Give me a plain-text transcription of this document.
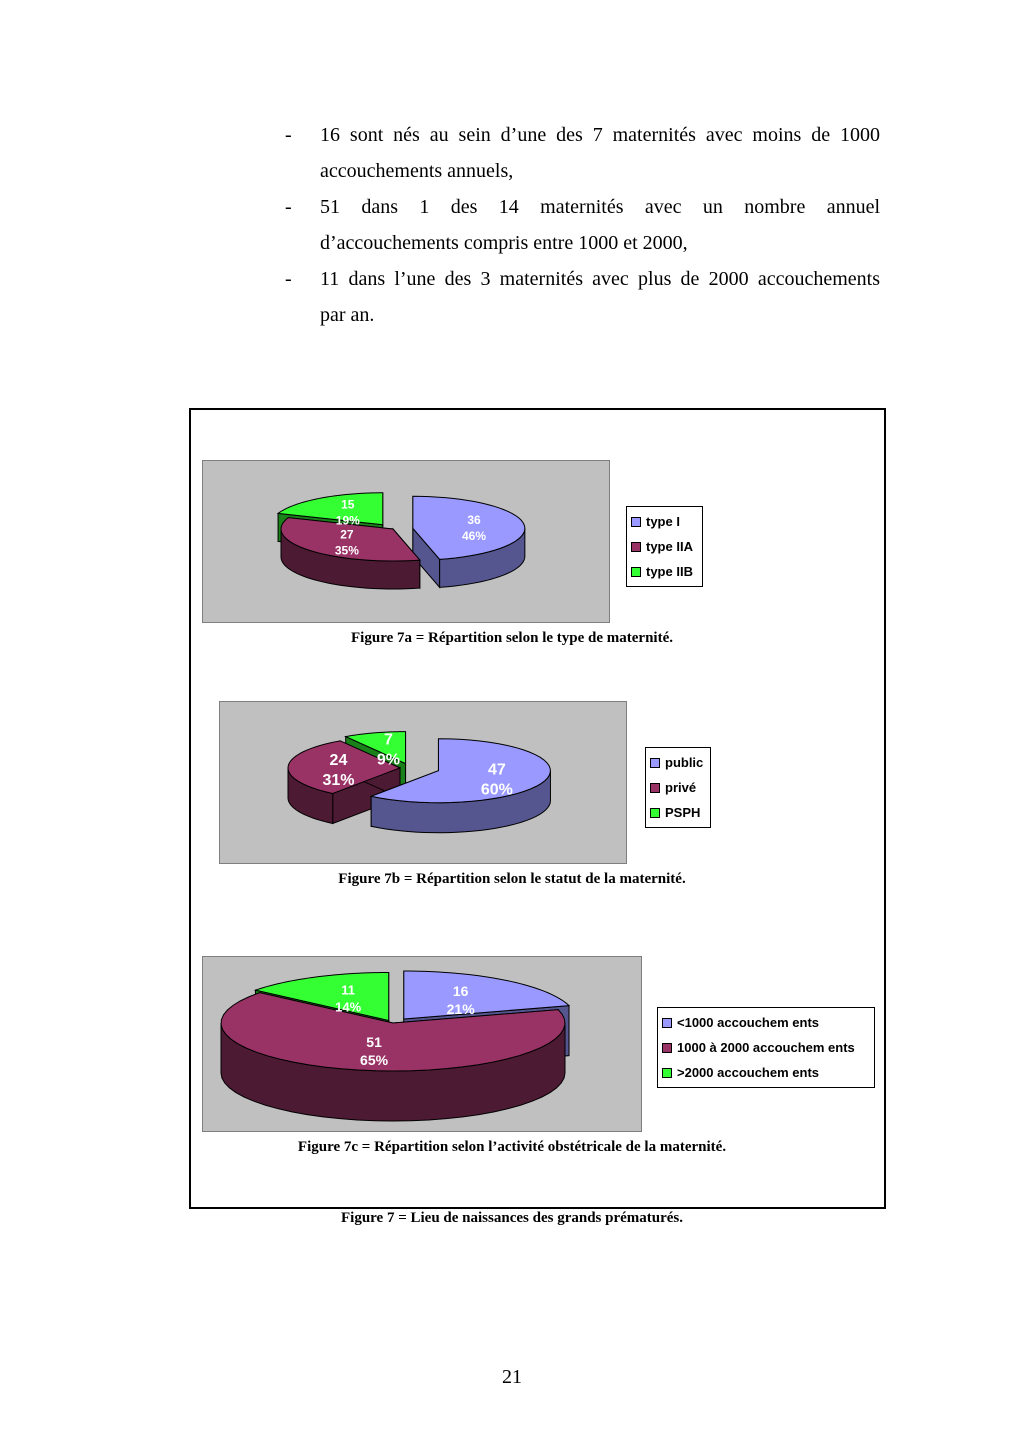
-	16 sont nés au sein d’une des 7 maternités avec moins de 1000
accouchements annuels,
-	51 dans 1 des 14 maternités avec un nombre annuel
d’accouchements compris entre 1000 et 2000,
-	11 dans l’une des 3 maternités avec plus de 2000 accouchements
par an.
36
46%
27
35%
15
19%	type I
type IIA
type IIB
Figure 7a = Répartition selon le type de maternité.
47
60%
24
31%
7
9%	public
privé
PSPH
Figure 7b = Répartition selon le statut de la maternité.
16
21%
51
65%
11
14%
<1000 accouchem ents
1000 à 2000 accouchem ents
>2000 accouchem ents
Figure 7c = Répartition selon l’activité obstétricale de la maternité.
Figure 7 = Lieu de naissances des grands prématurés.
21
